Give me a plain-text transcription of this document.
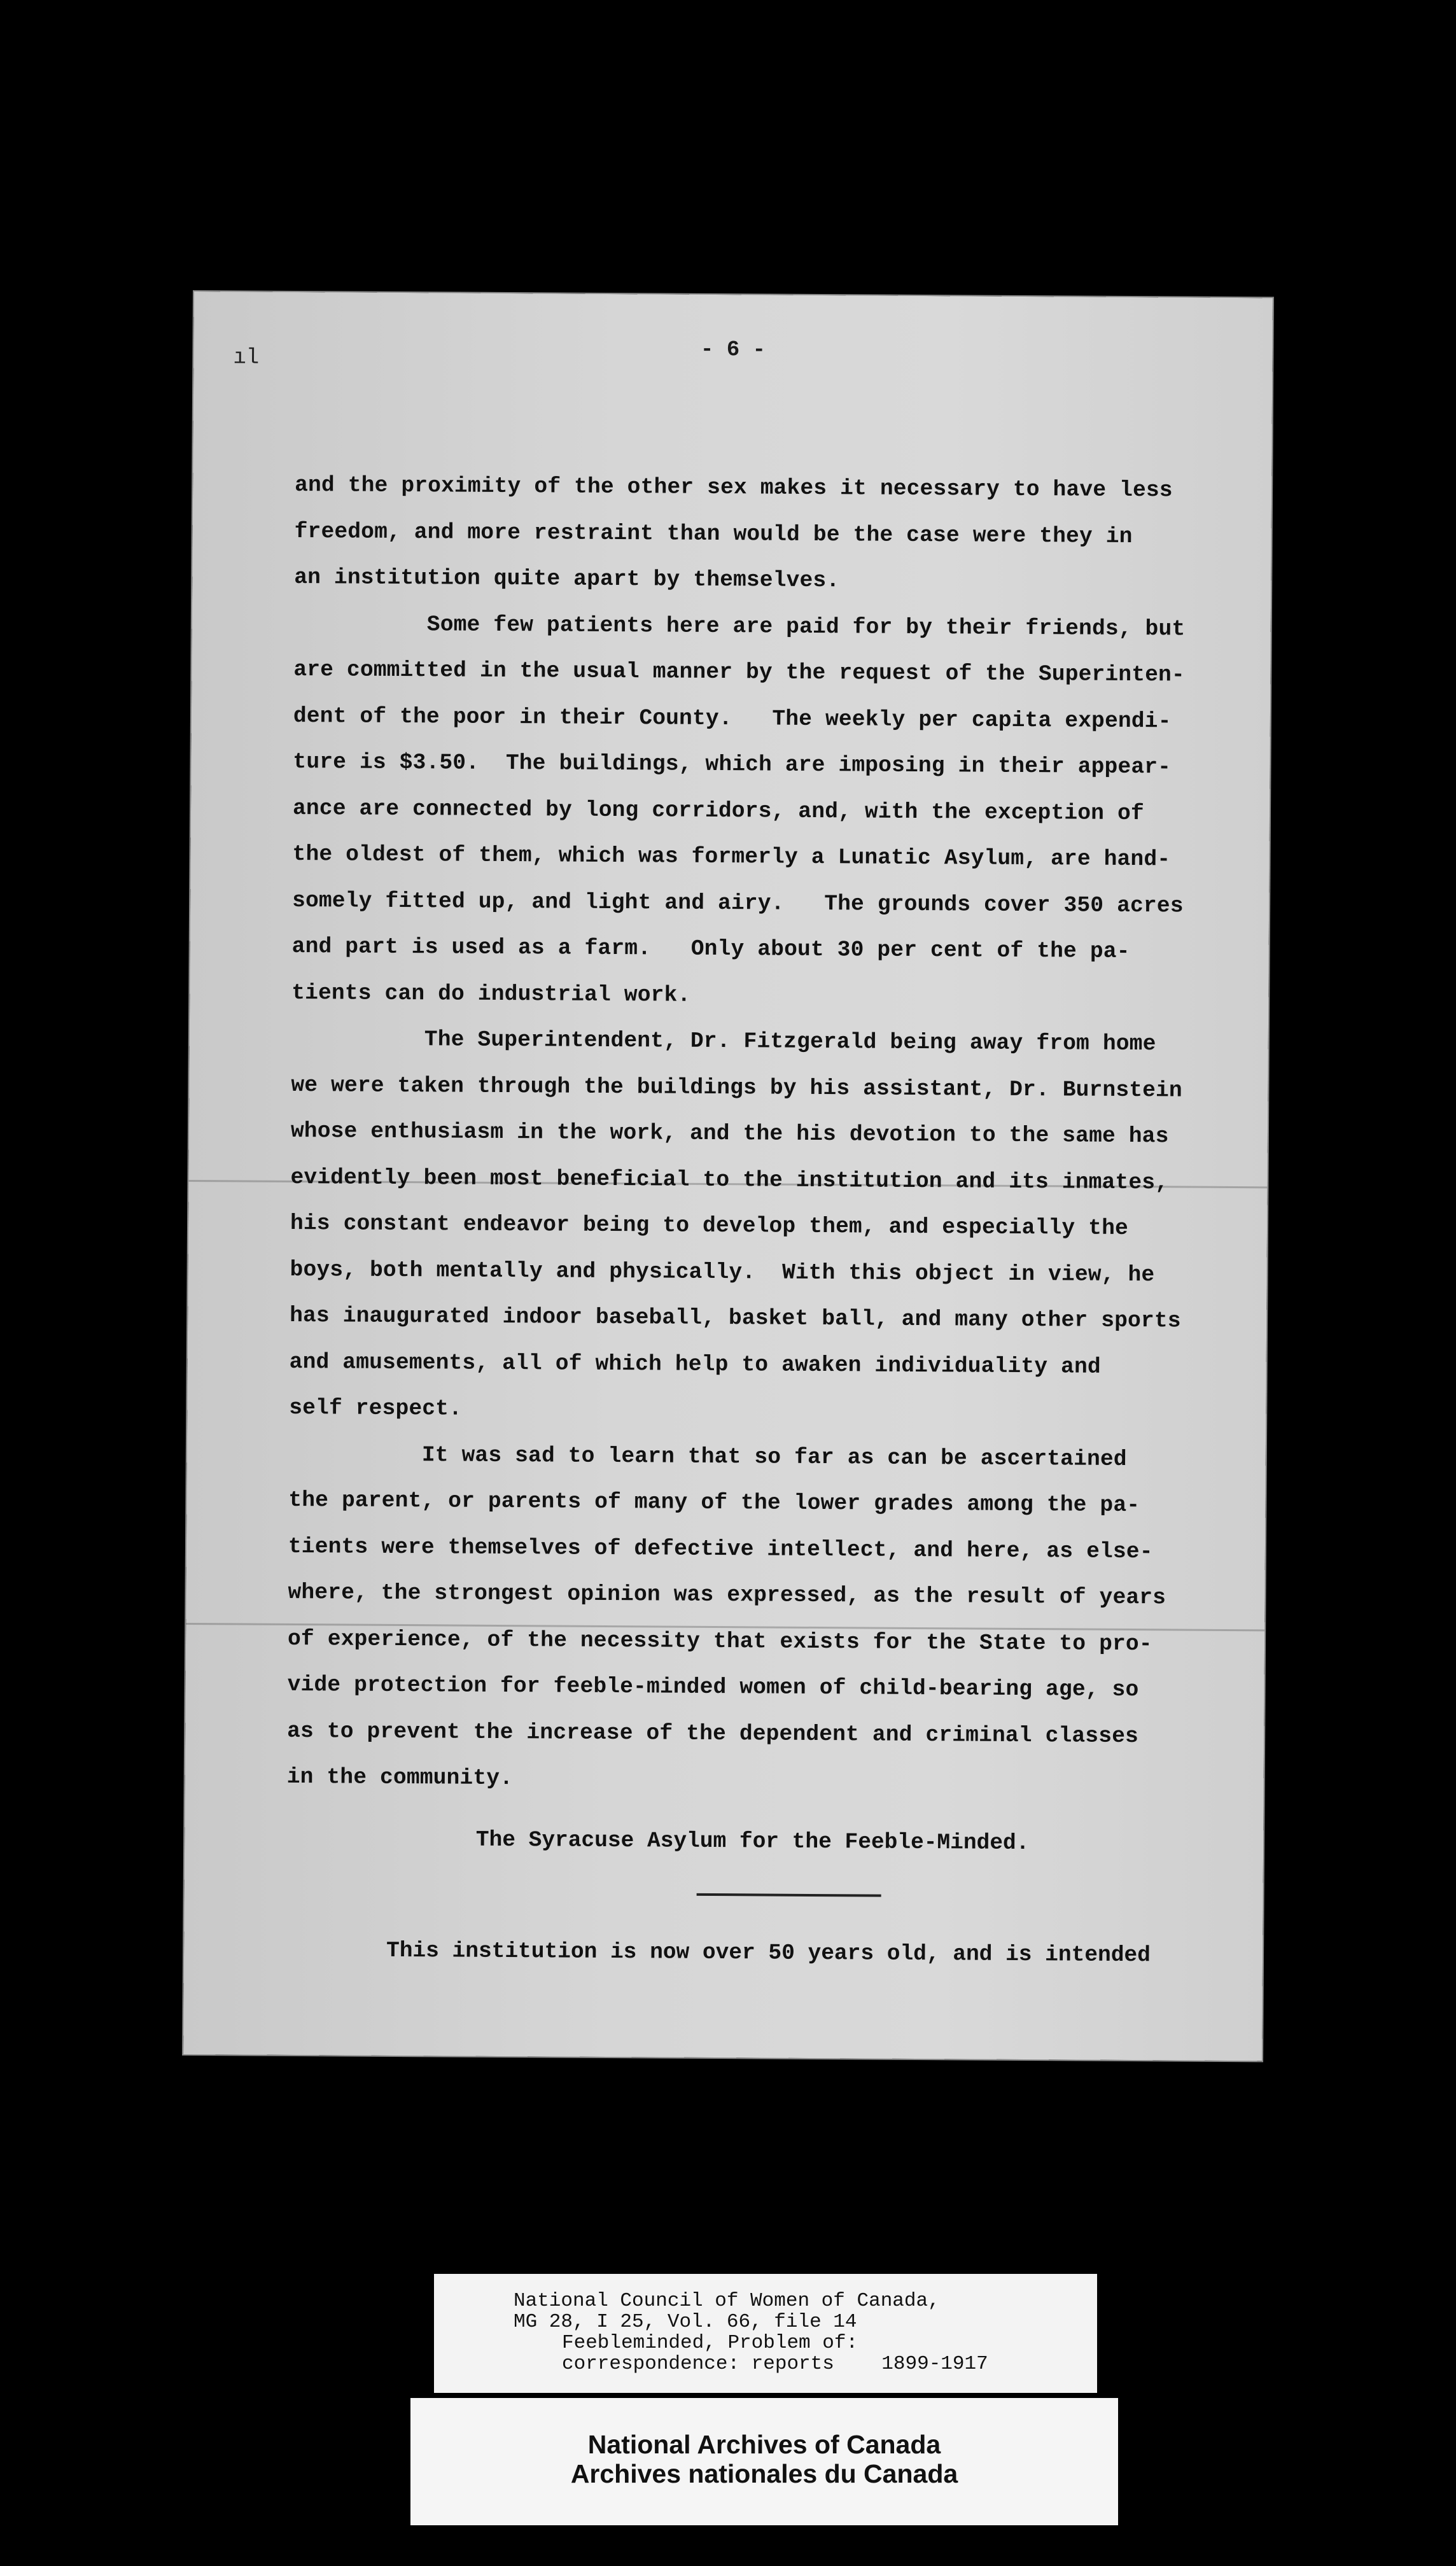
ıl	- 6 -
and the proximity of the other sex makes it necessary to have less
freedom, and more restraint than would be the case were they in
an institution quite apart by themselves.
Some few patients here are paid for by their friends, but
are committed in the usual manner by the request of the Superinten-
dent of the poor in their County.   The weekly per capita expendi-
ture is $3.50.  The buildings, which are imposing in their appear-
ance are connected by long corridors, and, with the exception of
the oldest of them, which was formerly a Lunatic Asylum, are hand-
somely fitted up, and light and airy.   The grounds cover 350 acres
and part is used as a farm.   Only about 30 per cent of the pa-
tients can do industrial work.
The Superintendent, Dr. Fitzgerald being away from home
we were taken through the buildings by his assistant, Dr. Burnstein
whose enthusiasm in the work, and the his devotion to the same has
evidently been most beneficial to the institution and its inmates,
his constant endeavor being to develop them, and especially the
boys, both mentally and physically.  With this object in view, he
has inaugurated indoor baseball, basket ball, and many other sports
and amusements, all of which help to awaken individuality and
self respect.
It was sad to learn that so far as can be ascertained
the parent, or parents of many of the lower grades among the pa-
tients were themselves of defective intellect, and here, as else-
where, the strongest opinion was expressed, as the result of years
of experience, of the necessity that exists for the State to pro-
vide protection for feeble-minded women of child-bearing age, so
as to prevent the increase of the dependent and criminal classes
in the community.
The Syracuse Asylum for the Feeble-Minded.
This institution is now over 50 years old, and is intended
National Council of Women of Canada,
MG 28, I 25, Vol. 66, file 14
Feebleminded, Problem of:
correspondence: reports    1899-1917
National Archives of Canada
Archives nationales du Canada
